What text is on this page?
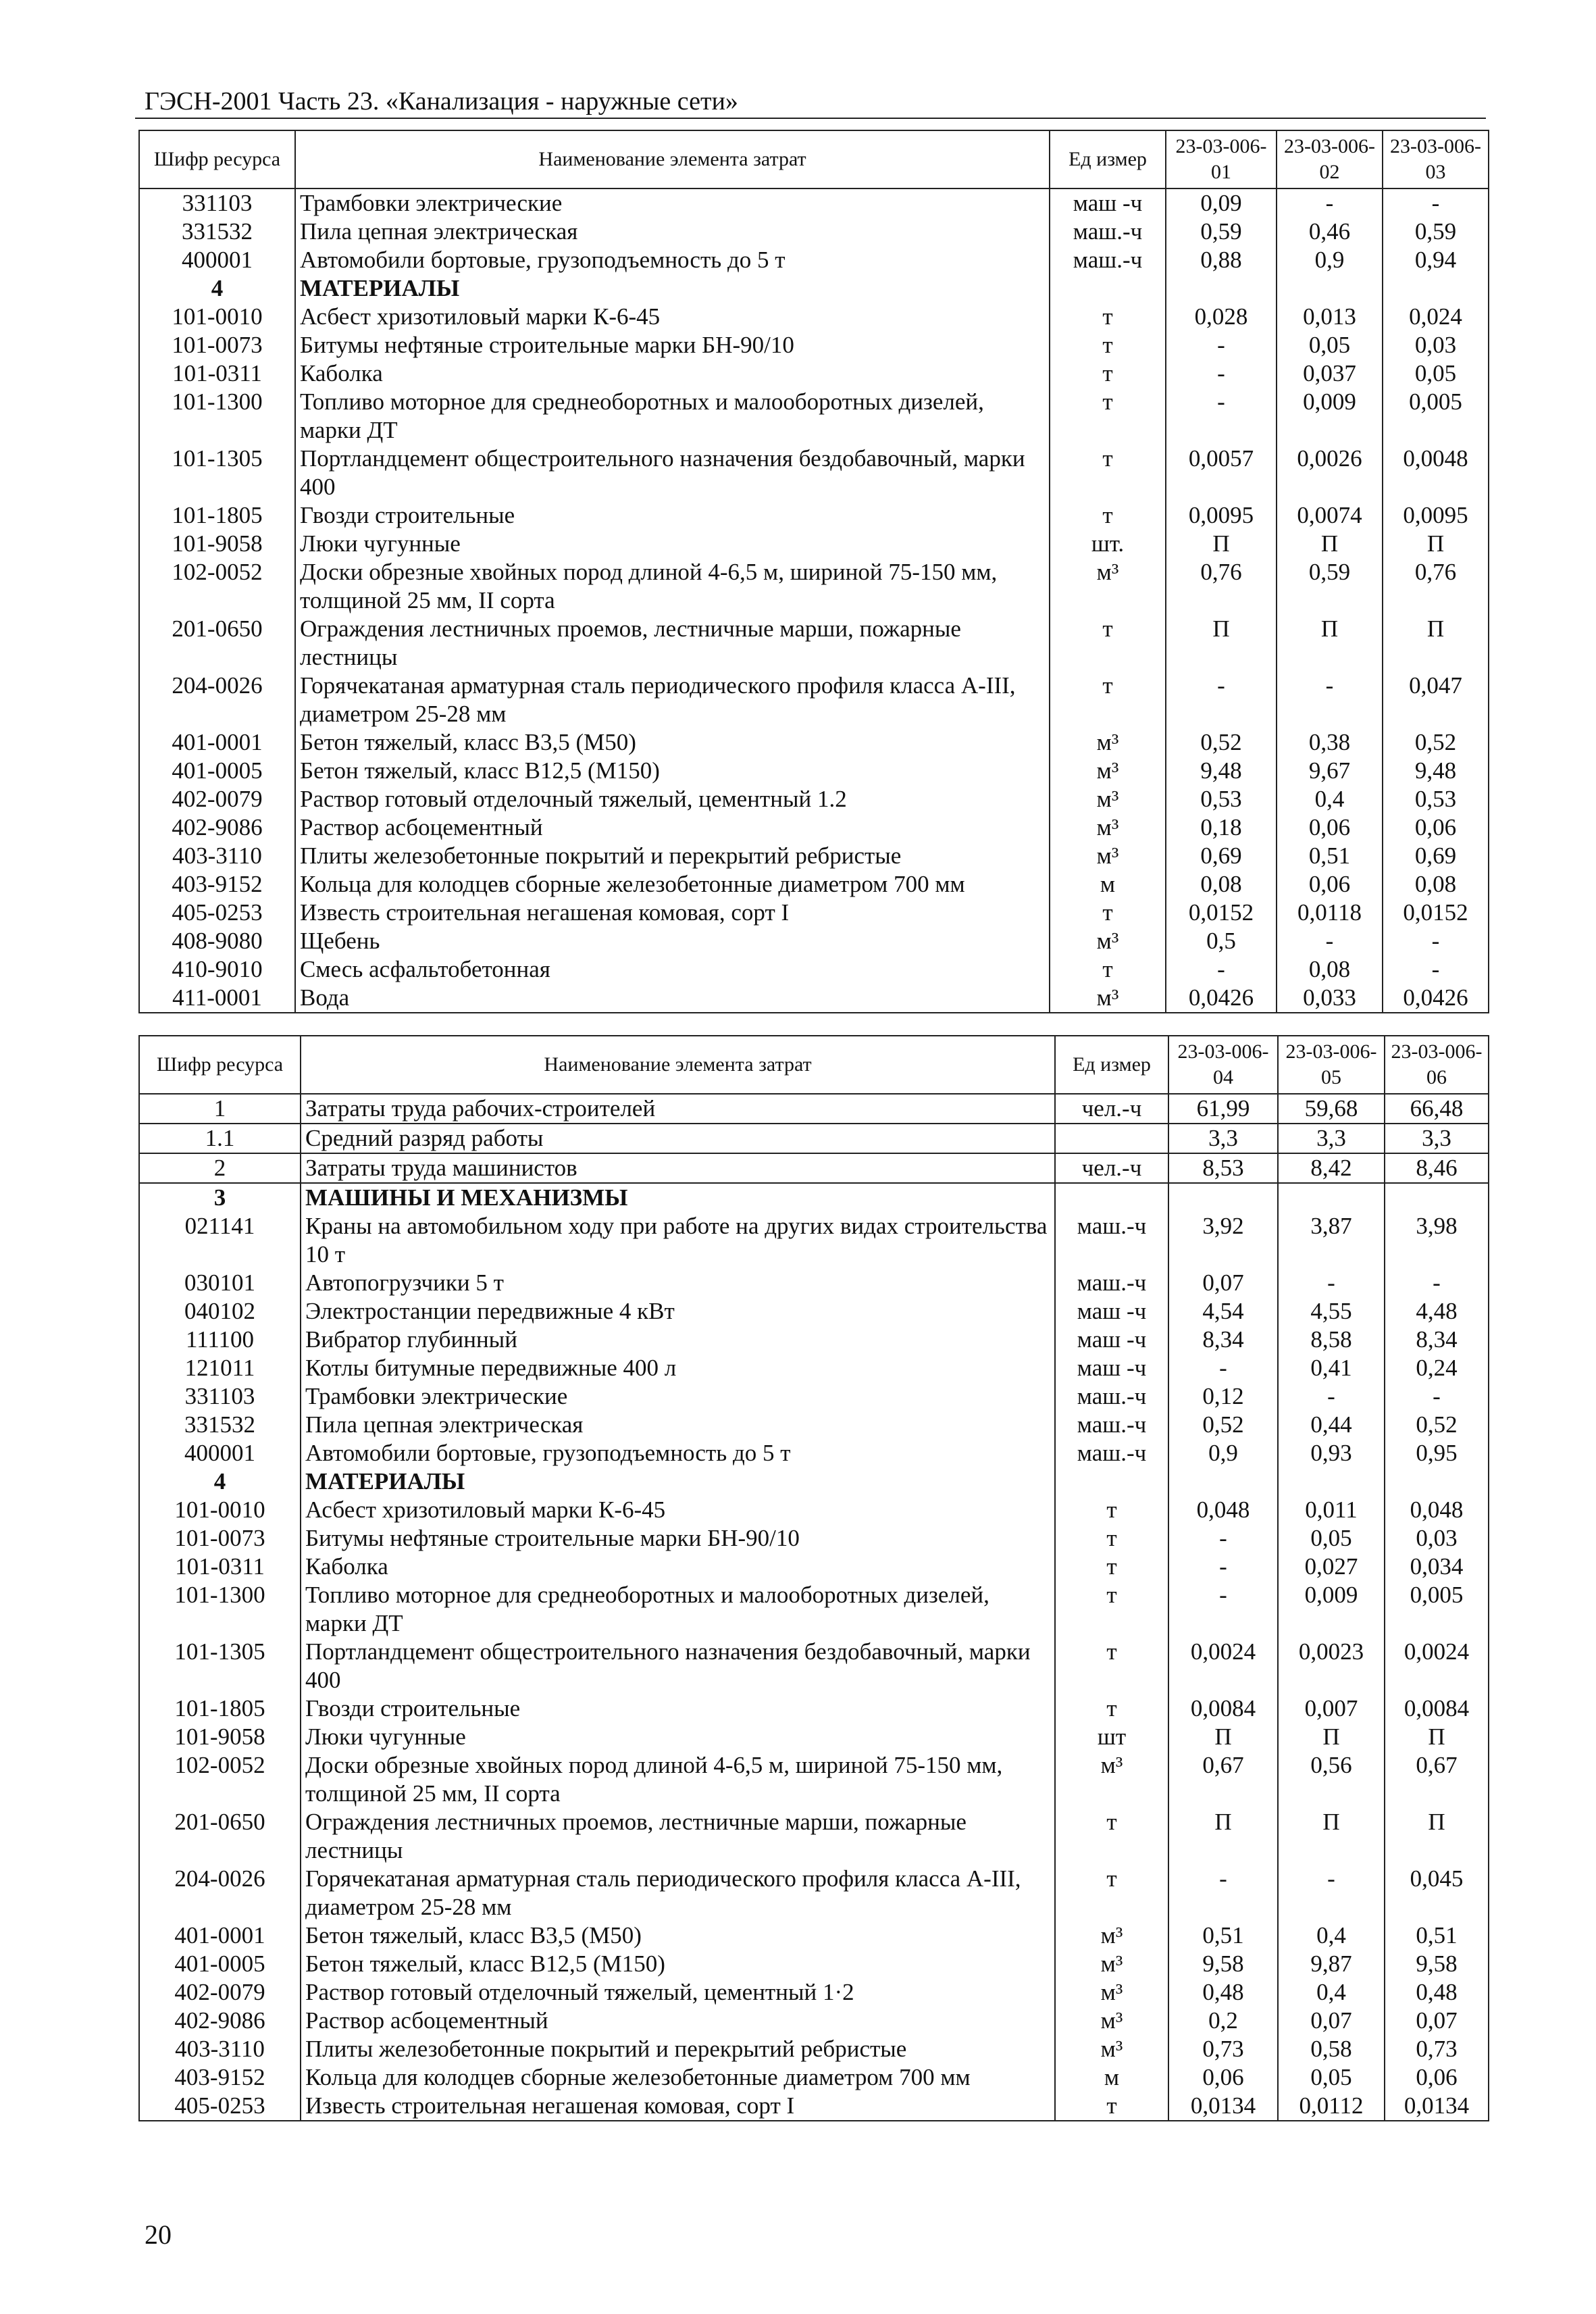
ГЭСН-2001 Часть 23. «Канализация - наружные сети»
Шифр ресурса	Наименование элемента затрат	Ед измер	23-03-006-01	23-03-006-02	23-03-006-03
331103	Трамбовки электрические	маш -ч	0,09	-	-
331532	Пила цепная электрическая	маш.-ч	0,59	0,46	0,59
400001	Автомобили бортовые, грузоподъемность до 5 т	маш.-ч	0,88	0,9	0,94
4	МАТЕРИАЛЫ				
101-0010	Асбест хризотиловый марки К-6-45	т	0,028	0,013	0,024
101-0073	Битумы нефтяные строительные марки БН-90/10	т	-	0,05	0,03
101-0311	Каболка	т	-	0,037	0,05
101-1300	Топливо моторное для среднеоборотных и малооборотных дизелей, марки ДТ	т	-	0,009	0,005
101-1305	Портландцемент общестроительного назначения бездобавочный, марки 400	т	0,0057	0,0026	0,0048
101-1805	Гвозди строительные	т	0,0095	0,0074	0,0095
101-9058	Люки чугунные	шт.	П	П	П
102-0052	Доски обрезные хвойных пород длиной 4-6,5 м, шириной 75-150 мм, толщиной 25 мм, II сорта	м³	0,76	0,59	0,76
201-0650	Ограждения лестничных проемов, лестничные марши, пожарные лестницы	т	П	П	П
204-0026	Горячекатаная арматурная сталь периодического профиля класса А-III, диаметром 25-28 мм	т	-	-	0,047
401-0001	Бетон тяжелый, класс В3,5 (М50)	м³	0,52	0,38	0,52
401-0005	Бетон тяжелый, класс В12,5 (М150)	м³	9,48	9,67	9,48
402-0079	Раствор готовый отделочный тяжелый, цементный 1.2	м³	0,53	0,4	0,53
402-9086	Раствор асбоцементный	м³	0,18	0,06	0,06
403-3110	Плиты железобетонные покрытий и перекрытий ребристые	м³	0,69	0,51	0,69
403-9152	Кольца для колодцев сборные железобетонные диаметром 700 мм	м	0,08	0,06	0,08
405-0253	Известь строительная негашеная комовая, сорт I	т	0,0152	0,0118	0,0152
408-9080	Щебень	м³	0,5	-	-
410-9010	Смесь асфальтобетонная	т	-	0,08	-
411-0001	Вода	м³	0,0426	0,033	0,0426
Шифр ресурса	Наименование элемента затрат	Ед измер	23-03-006-04	23-03-006-05	23-03-006-06
1	Затраты труда рабочих-строителей	чел.-ч	61,99	59,68	66,48
1.1	Средний разряд работы		3,3	3,3	3,3
2	Затраты труда машинистов	чел.-ч	8,53	8,42	8,46
3	МАШИНЫ И МЕХАНИЗМЫ				
021141	Краны на автомобильном ходу при работе на других видах строительства 10 т	маш.-ч	3,92	3,87	3,98
030101	Автопогрузчики 5 т	маш.-ч	0,07	-	-
040102	Электростанции передвижные 4 кВт	маш -ч	4,54	4,55	4,48
111100	Вибратор глубинный	маш -ч	8,34	8,58	8,34
121011	Котлы битумные передвижные 400 л	маш -ч	-	0,41	0,24
331103	Трамбовки электрические	маш.-ч	0,12	-	-
331532	Пила цепная электрическая	маш.-ч	0,52	0,44	0,52
400001	Автомобили бортовые, грузоподъемность до 5 т	маш.-ч	0,9	0,93	0,95
4	МАТЕРИАЛЫ				
101-0010	Асбест хризотиловый марки К-6-45	т	0,048	0,011	0,048
101-0073	Битумы нефтяные строительные марки БН-90/10	т	-	0,05	0,03
101-0311	Каболка	т	-	0,027	0,034
101-1300	Топливо моторное для среднеоборотных и малооборотных дизелей, марки ДТ	т	-	0,009	0,005
101-1305	Портландцемент общестроительного назначения бездобавочный, марки 400	т	0,0024	0,0023	0,0024
101-1805	Гвозди строительные	т	0,0084	0,007	0,0084
101-9058	Люки чугунные	шт	П	П	П
102-0052	Доски обрезные хвойных пород длиной 4-6,5 м, шириной 75-150 мм, толщиной 25 мм, II сорта	м³	0,67	0,56	0,67
201-0650	Ограждения лестничных проемов, лестничные марши, пожарные лестницы	т	П	П	П
204-0026	Горячекатаная арматурная сталь периодического профиля класса А-III, диаметром 25-28 мм	т	-	-	0,045
401-0001	Бетон тяжелый, класс В3,5 (М50)	м³	0,51	0,4	0,51
401-0005	Бетон тяжелый, класс В12,5 (М150)	м³	9,58	9,87	9,58
402-0079	Раствор готовый отделочный тяжелый, цементный 1·2	м³	0,48	0,4	0,48
402-9086	Раствор асбоцементный	м³	0,2	0,07	0,07
403-3110	Плиты железобетонные покрытий и перекрытий ребристые	м³	0,73	0,58	0,73
403-9152	Кольца для колодцев сборные железобетонные диаметром 700 мм	м	0,06	0,05	0,06
405-0253	Известь строительная негашеная комовая, сорт I	т	0,0134	0,0112	0,0134
20
